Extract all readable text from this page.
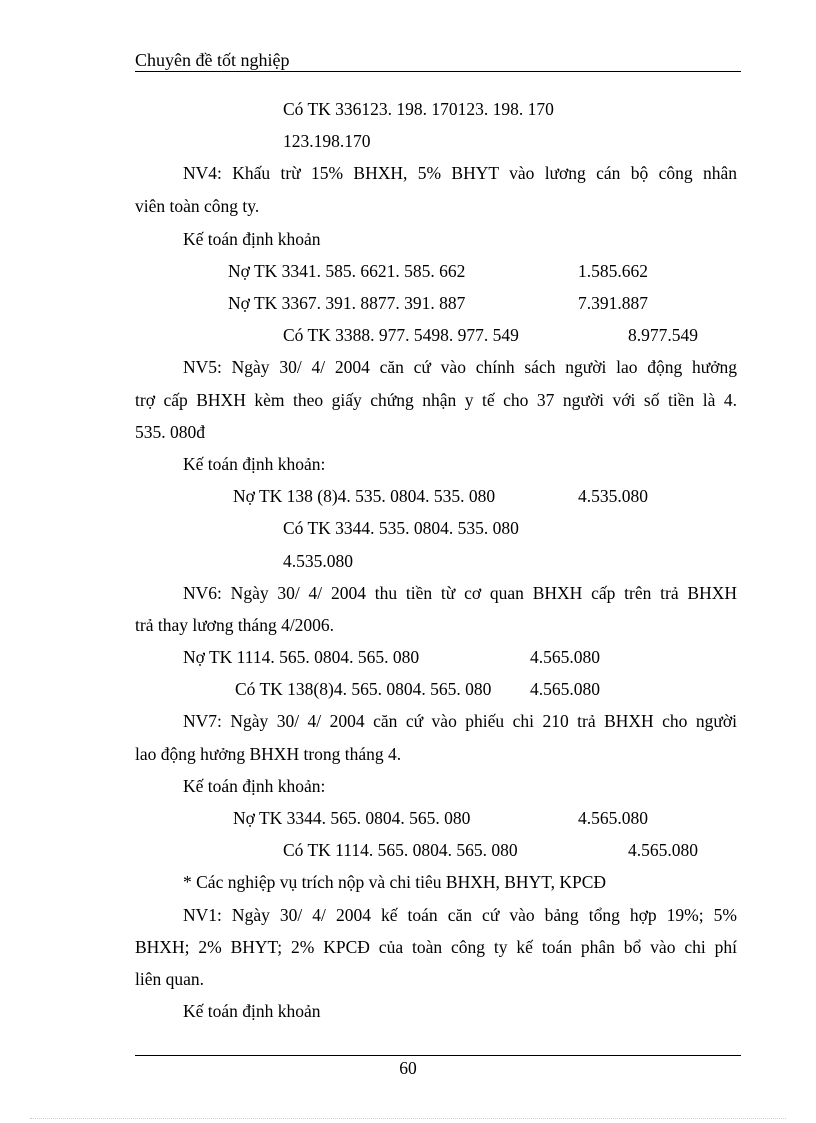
Chuyên đề tốt nghiệp
Có TK 336123. 198. 170123. 198. 170
123.198.170
NV4: Khấu trừ 15% BHXH, 5% BHYT vào lương cán bộ công nhân
viên toàn công ty.
Kế toán định khoản
Nợ TK 3341. 585. 6621. 585. 662	1.585.662
Nợ TK 3367. 391. 8877. 391. 887	7.391.887
Có TK 3388. 977. 5498. 977. 549	8.977.549
NV5: Ngày 30/ 4/ 2004 căn cứ vào chính sách người lao động hưởng
trợ cấp BHXH kèm theo giấy chứng nhận y tế cho 37 người với số tiền là 4.
535. 080đ
Kế toán định khoản:
Nợ TK 138 (8)4. 535. 0804. 535. 080	4.535.080
Có TK 3344. 535. 0804. 535. 080
4.535.080
NV6: Ngày 30/ 4/ 2004 thu tiền từ cơ quan BHXH cấp trên trả BHXH
trả thay lương tháng 4/2006.
Nợ TK 1114. 565. 0804. 565. 080	4.565.080
Có TK 138(8)4. 565. 0804. 565. 080 4.565.080
NV7: Ngày 30/ 4/ 2004 căn cứ vào phiếu chi 210 trả BHXH cho người
lao động hưởng BHXH trong tháng 4.
Kế toán định khoản:
Nợ TK 3344. 565. 0804. 565. 080	4.565.080
Có TK 1114. 565. 0804. 565. 080	4.565.080
* Các nghiệp vụ trích nộp và chi tiêu BHXH, BHYT, KPCĐ
NV1: Ngày 30/ 4/ 2004 kế toán căn cứ vào bảng tổng hợp 19%; 5%
BHXH; 2% BHYT; 2% KPCĐ của toàn công ty kế toán phân bổ vào chi phí
liên quan.
Kế toán định khoản
60
